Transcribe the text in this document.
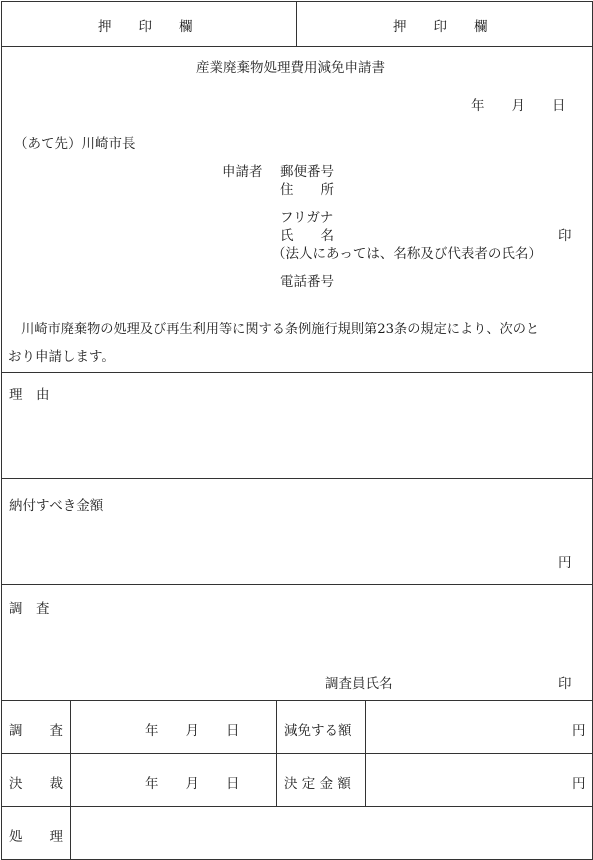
押　　印　　欄	押　　印　　欄
産業廃棄物処理費用減免申請書
年　　月　　日
（あて先）川崎市長
申請者 郵便番号
住　　所
フリガナ
氏　　名	印
（法人にあっては、名称及び代表者の氏名）
電話番号
　川崎市廃棄物の処理及び再生利用等に関する条例施行規則第23条の規定により、次のと
おり申請します。
理　由
納付すべき金額
円
調　査
調査員氏名	印
調　　査	年　　月　　日	減免する額	円
決　　裁	年　　月　　日	決 定 金 額	円
処　　理
